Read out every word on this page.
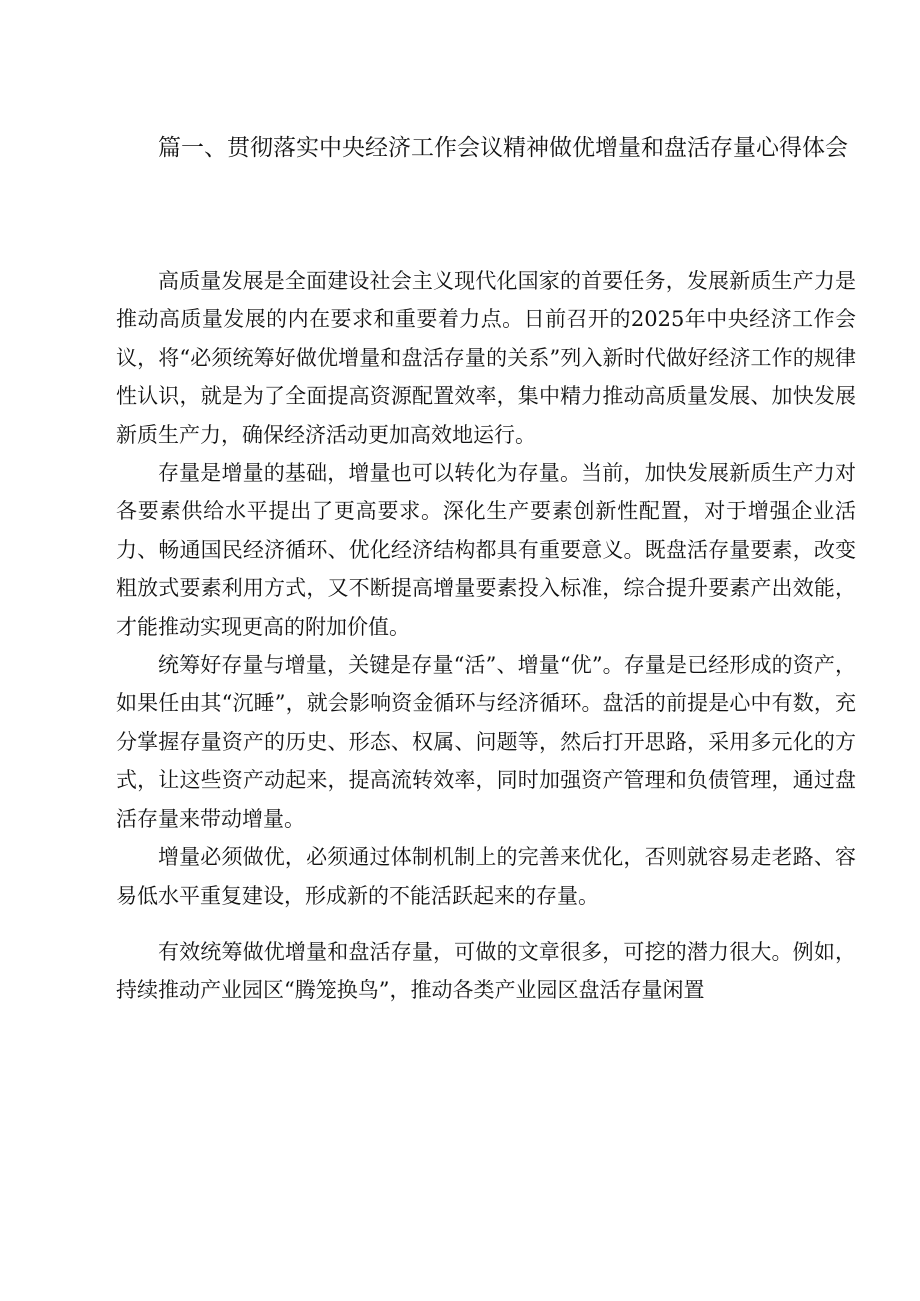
篇一、贯彻落实中央经济工作会议精神做优增量和盘活存量心得体会

高质量发展是全面建设社会主义现代化国家的首要任务，发展新质生产力是推动高质量发展的内在要求和重要着力点。日前召开的2025年中央经济工作会议，将“必须统筹好做优增量和盘活存量的关系”列入新时代做好经济工作的规律性认识，就是为了全面提高资源配置效率，集中精力推动高质量发展、加快发展新质生产力，确保经济活动更加高效地运行。

存量是增量的基础，增量也可以转化为存量。当前，加快发展新质生产力对各要素供给水平提出了更高要求。深化生产要素创新性配置，对于增强企业活力、畅通国民经济循环、优化经济结构都具有重要意义。既盘活存量要素，改变粗放式要素利用方式，又不断提高增量要素投入标准，综合提升要素产出效能，才能推动实现更高的附加价值。

统筹好存量与增量，关键是存量“活”、增量“优”。存量是已经形成的资产，如果任由其“沉睡”，就会影响资金循环与经济循环。盘活的前提是心中有数，充分掌握存量资产的历史、形态、权属、问题等，然后打开思路，采用多元化的方式，让这些资产动起来，提高流转效率，同时加强资产管理和负债管理，通过盘活存量来带动增量。

增量必须做优，必须通过体制机制上的完善来优化，否则就容易走老路、容易低水平重复建设，形成新的不能活跃起来的存量。

有效统筹做优增量和盘活存量，可做的文章很多，可挖的潜力很大。例如，持续推动产业园区“腾笼换鸟”，推动各类产业园区盘活存量闲置
